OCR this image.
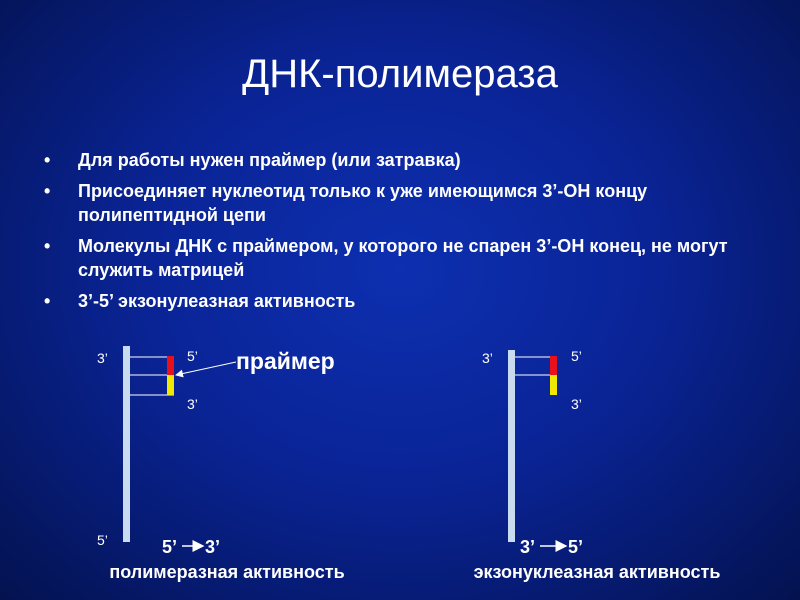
ДНК-полимераза
• Для работы нужен праймер (или затравка)
• Присоединяет нуклеотид только к уже имеющимся 3’-ОН концу полипептидной цепи
• Молекулы ДНК с праймером, у которого не спарен 3’-ОН конец, не могут служить матрицей
• 3’-5’ экзонулеазная активность
3’
5’
5’
3’
праймер
5’ 3’
полимеразная активность
3’	5’
3’
3’ 5’
экзонуклеазная активность
